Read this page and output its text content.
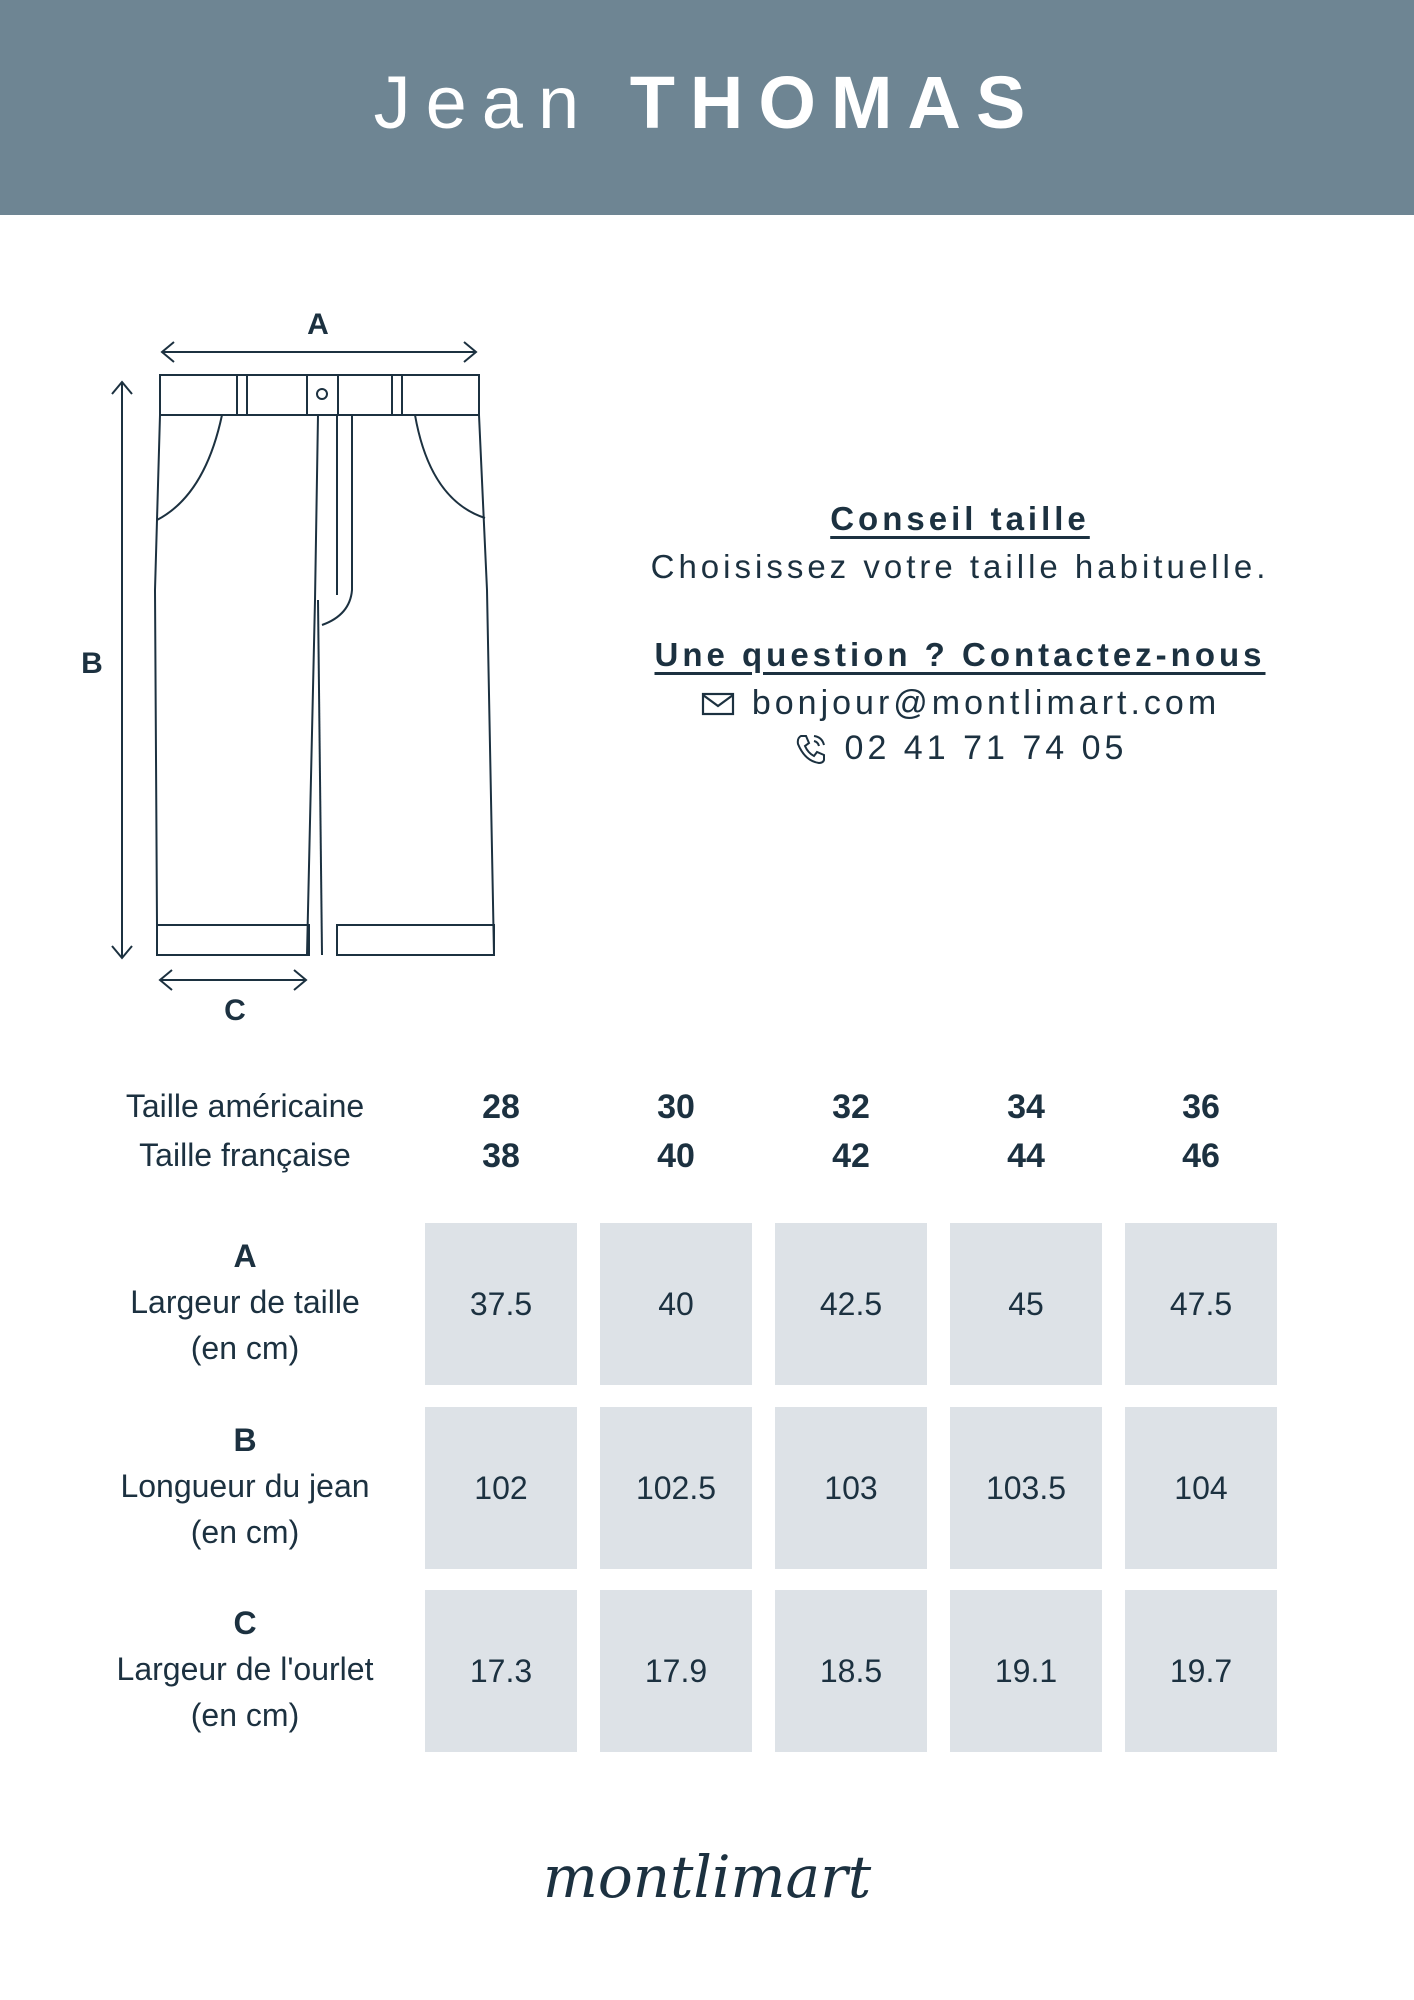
Jean THOMAS
A
B
C
Conseil taille
Choisissez votre taille habituelle.
Une question ? Contactez-nous
bonjour@montlimart.com
02 41 71 74 05
Taille américaine	28	30	32	34	36
Taille française	38	40	42	44	46
A
Largeur de taille
(en cm)
37.5	40	42.5	45	47.5
B
Longueur du jean
(en cm)
102	102.5	103	103.5	104
C
Largeur de l'ourlet
(en cm)
17.3	17.9	18.5	19.1	19.7
montlimart
